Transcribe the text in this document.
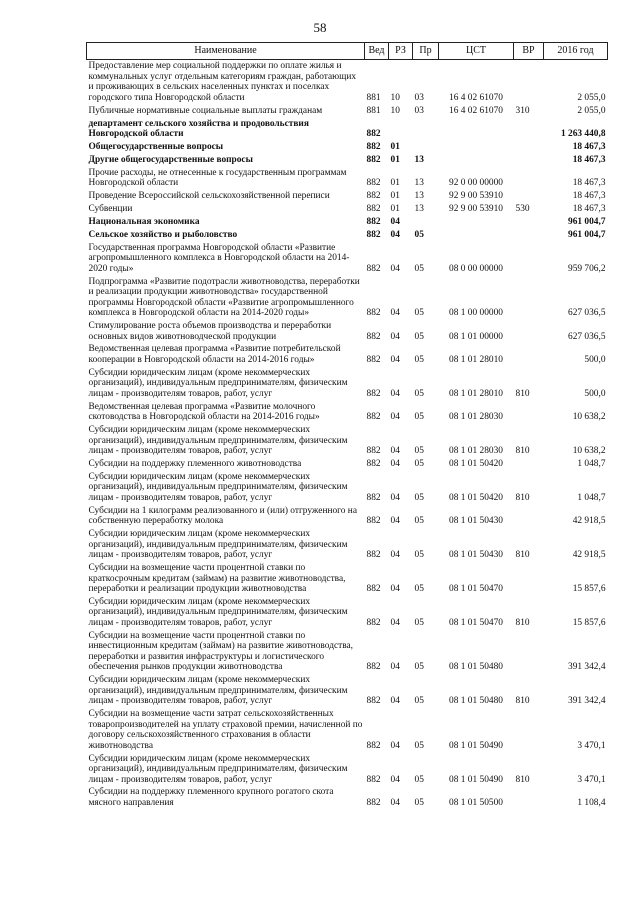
58
Наименование	Вед	РЗ	Пр	ЦСТ	ВР	2016 год
Предоставление мер социальной поддержки по оплате жилья и коммунальных услуг отдельным категориям граждан, работающих и проживающих в сельских населенных пунктах и поселках городского типа Новгородской области	881	10	03	16 4 02 61070		2 055,0
Публичные нормативные социальные выплаты гражданам	881	10	03	16 4 02 61070	310	2 055,0
департамент сельского хозяйства и продовольствия Новгородской области	882					1 263 440,8
Общегосударственные вопросы	882	01				18 467,3
Другие общегосударственные вопросы	882	01	13			18 467,3
Прочие расходы, не отнесенные к государственным программам Новгородской области	882	01	13	92 0 00 00000		18 467,3
Проведение Всероссийской сельскохозяйственной переписи	882	01	13	92 9 00 53910		18 467,3
Субвенции	882	01	13	92 9 00 53910	530	18 467,3
Национальная экономика	882	04				961 004,7
Сельское хозяйство и рыболовство	882	04	05			961 004,7
Государственная программа Новгородской области «Развитие агропромышленного комплекса в Новгородской области на 2014-2020 годы»	882	04	05	08 0 00 00000		959 706,2
Подпрограмма «Развитие подотрасли животноводства, переработки и реализации продукции животноводства» государственной программы Новгородской области «Развитие агропромышленного комплекса в Новгородской области на 2014-2020 годы»	882	04	05	08 1 00 00000		627 036,5
Стимулирование роста объемов производства и переработки основных видов животноводческой продукции	882	04	05	08 1 01 00000		627 036,5
Ведомственная целевая программа «Развитие потребительской кооперации в Новгородской области на 2014-2016 годы»	882	04	05	08 1 01 28010		500,0
Субсидии юридическим лицам (кроме некоммерческих организаций), индивидуальным предпринимателям, физическим лицам - производителям товаров, работ, услуг	882	04	05	08 1 01 28010	810	500,0
Ведомственная целевая программа «Развитие молочного скотоводства в Новгородской области на 2014-2016 годы»	882	04	05	08 1 01 28030		10 638,2
Субсидии юридическим лицам (кроме некоммерческих организаций), индивидуальным предпринимателям, физическим лицам - производителям товаров, работ, услуг	882	04	05	08 1 01 28030	810	10 638,2
Субсидии на поддержку племенного животноводства	882	04	05	08 1 01 50420		1 048,7
Субсидии юридическим лицам (кроме некоммерческих организаций), индивидуальным предпринимателям, физическим лицам - производителям товаров, работ, услуг	882	04	05	08 1 01 50420	810	1 048,7
Субсидии на 1 килограмм реализованного и (или) отгруженного на собственную переработку молока	882	04	05	08 1 01 50430		42 918,5
Субсидии юридическим лицам (кроме некоммерческих организаций), индивидуальным предпринимателям, физическим лицам - производителям товаров, работ, услуг	882	04	05	08 1 01 50430	810	42 918,5
Субсидии на возмещение части процентной ставки по краткосрочным кредитам (займам) на развитие животноводства, переработки и реализации продукции животноводства	882	04	05	08 1 01 50470		15 857,6
Субсидии юридическим лицам (кроме некоммерческих организаций), индивидуальным предпринимателям, физическим лицам - производителям товаров, работ, услуг	882	04	05	08 1 01 50470	810	15 857,6
Субсидии на возмещение части процентной ставки по инвестиционным кредитам (займам) на развитие животноводства, переработки и развития инфраструктуры и логистического обеспечения рынков продукции животноводства	882	04	05	08 1 01 50480		391 342,4
Субсидии юридическим лицам (кроме некоммерческих организаций), индивидуальным предпринимателям, физическим лицам - производителям товаров, работ, услуг	882	04	05	08 1 01 50480	810	391 342,4
Субсидии на возмещение части затрат сельскохозяйственных товаропроизводителей на уплату страховой премии, начисленной по договору сельскохозяйственного страхования в области животноводства	882	04	05	08 1 01 50490		3 470,1
Субсидии юридическим лицам (кроме некоммерческих организаций), индивидуальным предпринимателям, физическим лицам - производителям товаров, работ, услуг	882	04	05	08 1 01 50490	810	3 470,1
Субсидии на поддержку племенного крупного рогатого скота мясного направления	882	04	05	08 1 01 50500		1 108,4
